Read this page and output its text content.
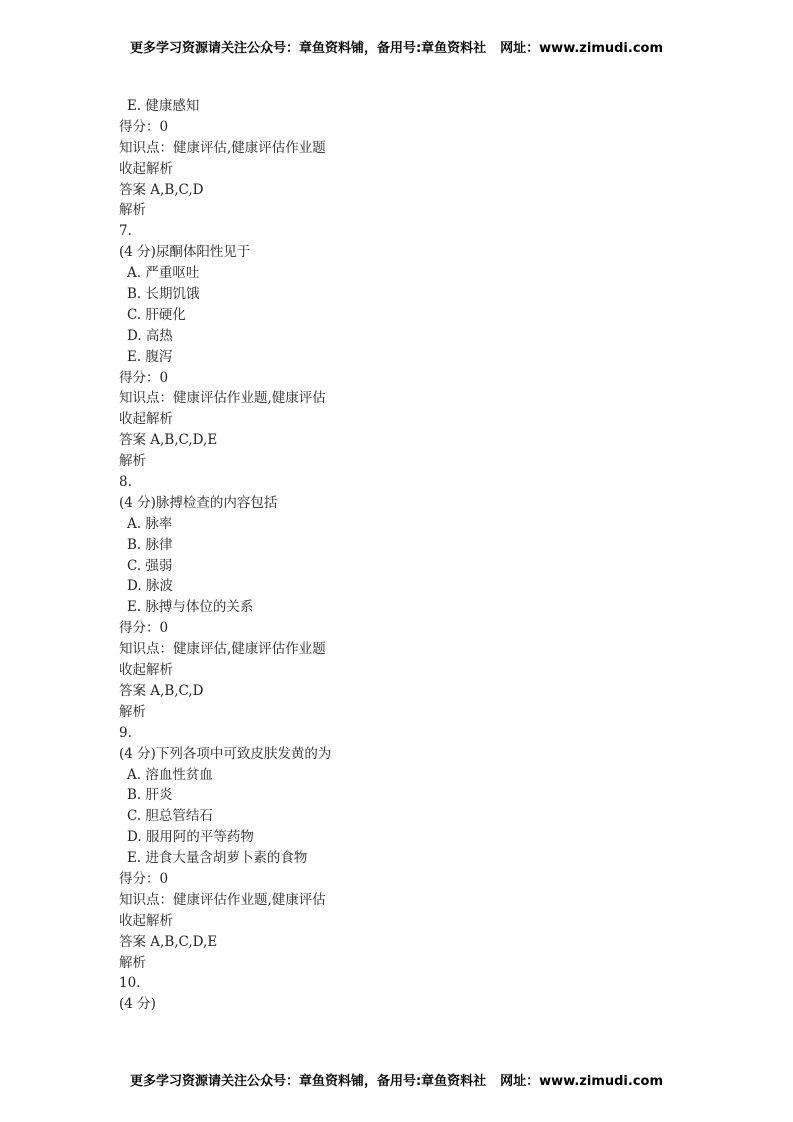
更多学习资源请关注公众号：章鱼资料铺，备用号:章鱼资料社 网址：www.zimudi.com
E. 健康感知
得分：0
知识点：健康评估,健康评估作业题
收起解析
答案 A,B,C,D
解析
7.
(4 分)尿酮体阳性见于
A. 严重呕吐
B. 长期饥饿
C. 肝硬化
D. 高热
E. 腹泻
得分：0
知识点：健康评估作业题,健康评估
收起解析
答案 A,B,C,D,E
解析
8.
(4 分)脉搏检查的内容包括
A. 脉率
B. 脉律
C. 强弱
D. 脉波
E. 脉搏与体位的关系
得分：0
知识点：健康评估,健康评估作业题
收起解析
答案 A,B,C,D
解析
9.
(4 分)下列各项中可致皮肤发黄的为
A. 溶血性贫血
B. 肝炎
C. 胆总管结石
D. 服用阿的平等药物
E. 进食大量含胡萝卜素的食物
得分：0
知识点：健康评估作业题,健康评估
收起解析
答案 A,B,C,D,E
解析
10.
(4 分)
更多学习资源请关注公众号：章鱼资料铺，备用号:章鱼资料社 网址：www.zimudi.com
